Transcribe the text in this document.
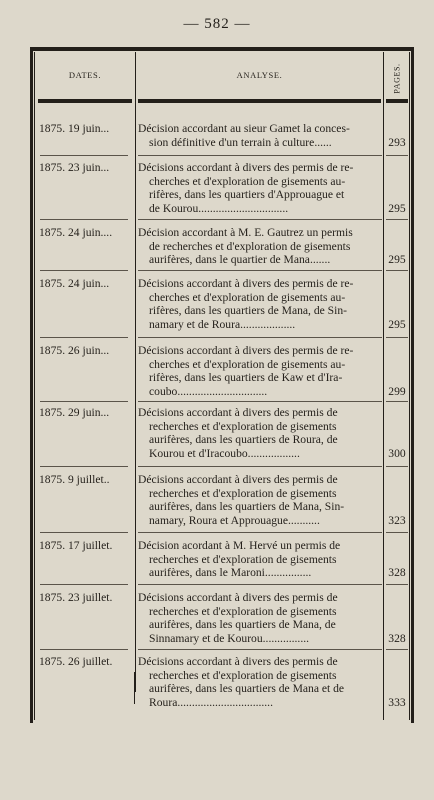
— 582 —
DATES.	ANALYSE.	PAGES.
1875. 19 juin...	Décision accordant au sieur Gamet la conces-
sion définitive d'un terrain à culture......	293
1875. 23 juin...	Décisions accordant à divers des permis de re-
cherches et d'exploration de gisements au-
rifères, dans les quartiers d'Approuague et
de Kourou...............................	295
1875. 24 juin....	Décision accordant à M. E. Gautrez un permis
de recherches et d'exploration de gisements
aurifères, dans le quartier de Mana.......	295
1875. 24 juin...	Décisions accordant à divers des permis de re-
cherches et d'exploration de gisements au-
rifères, dans les quartiers de Mana, de Sin-
namary et de Roura...................	295
1875. 26 juin...	Décisions accordant à divers des permis de re-
cherches et d'exploration de gisements au-
rifères, dans les quartiers de Kaw et d'Ira-
coubo...............................	299
1875. 29 juin...	Décisions accordant à divers des permis de
recherches et d'exploration de gisements
aurifères, dans les quartiers de Roura, de
Kourou et d'Iracoubo..................	300
1875. 9 juillet..	Décisions accordant à divers des permis de
recherches et d'exploration de gisements
aurifères, dans les quartiers de Mana, Sin-
namary, Roura et Approuague...........	323
1875. 17 juillet.	Décision acordant à M. Hervé un permis de
recherches et d'exploration de gisements
aurifères, dans le Maroni................	328
1875. 23 juillet.	Décisions accordant à divers des permis de
recherches et d'exploration de gisements
aurifères, dans les quartiers de Mana, de
Sinnamary et de Kourou................	328
1875. 26 juillet.	Décisions accordant à divers des permis de
recherches et d'exploration de gisements
aurifères, dans les quartiers de Mana et de
Roura.................................	333
